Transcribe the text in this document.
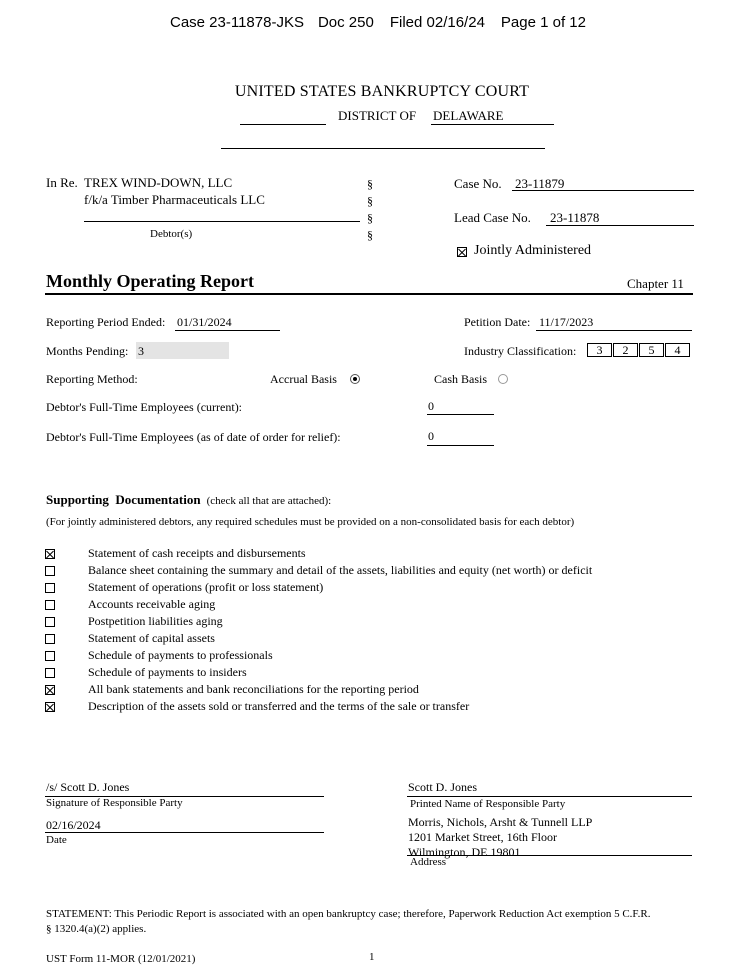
Case 23-11878-JKS Doc 250 Filed 02/16/24 Page 1 of 12
UNITED STATES BANKRUPTCY COURT
DISTRICT OF DELAWARE
In Re. TREX WIND-DOWN, LLC
f/k/a Timber Pharmaceuticals LLC
Debtor(s)
§
§
§
§
Case No. 23-11879
Lead Case No. 23-11878
Jointly Administered
Monthly Operating Report	Chapter 11
Reporting Period Ended: 01/31/2024	Petition Date: 11/17/2023
Months Pending: 3	Industry Classification:	3	2	5	4
Reporting Method:	Accrual Basis	Cash Basis
Debtor's Full-Time Employees (current):	0
Debtor's Full-Time Employees (as of date of order for relief):	0
Supporting  Documentation (check all that are attached):
(For jointly administered debtors, any required schedules must be provided on a non-consolidated basis for each debtor)
Statement of cash receipts and disbursements
Balance sheet containing the summary and detail of the assets, liabilities and equity (net worth) or deficit
Statement of operations (profit or loss statement)
Accounts receivable aging
Postpetition liabilities aging
Statement of capital assets
Schedule of payments to professionals
Schedule of payments to insiders
All bank statements and bank reconciliations for the reporting period
Description of the assets sold or transferred and the terms of the sale or transfer
/s/ Scott D. Jones
Signature of Responsible Party
02/16/2024
Date
Scott D. Jones
Printed Name of Responsible Party
Morris, Nichols, Arsht & Tunnell LLP
1201 Market Street, 16th Floor
Wilmington, DE 19801
Address
STATEMENT: This Periodic Report is associated with an open bankruptcy case; therefore, Paperwork Reduction Act exemption 5 C.F.R.
§ 1320.4(a)(2) applies.
UST Form 11-MOR (12/01/2021)	1
